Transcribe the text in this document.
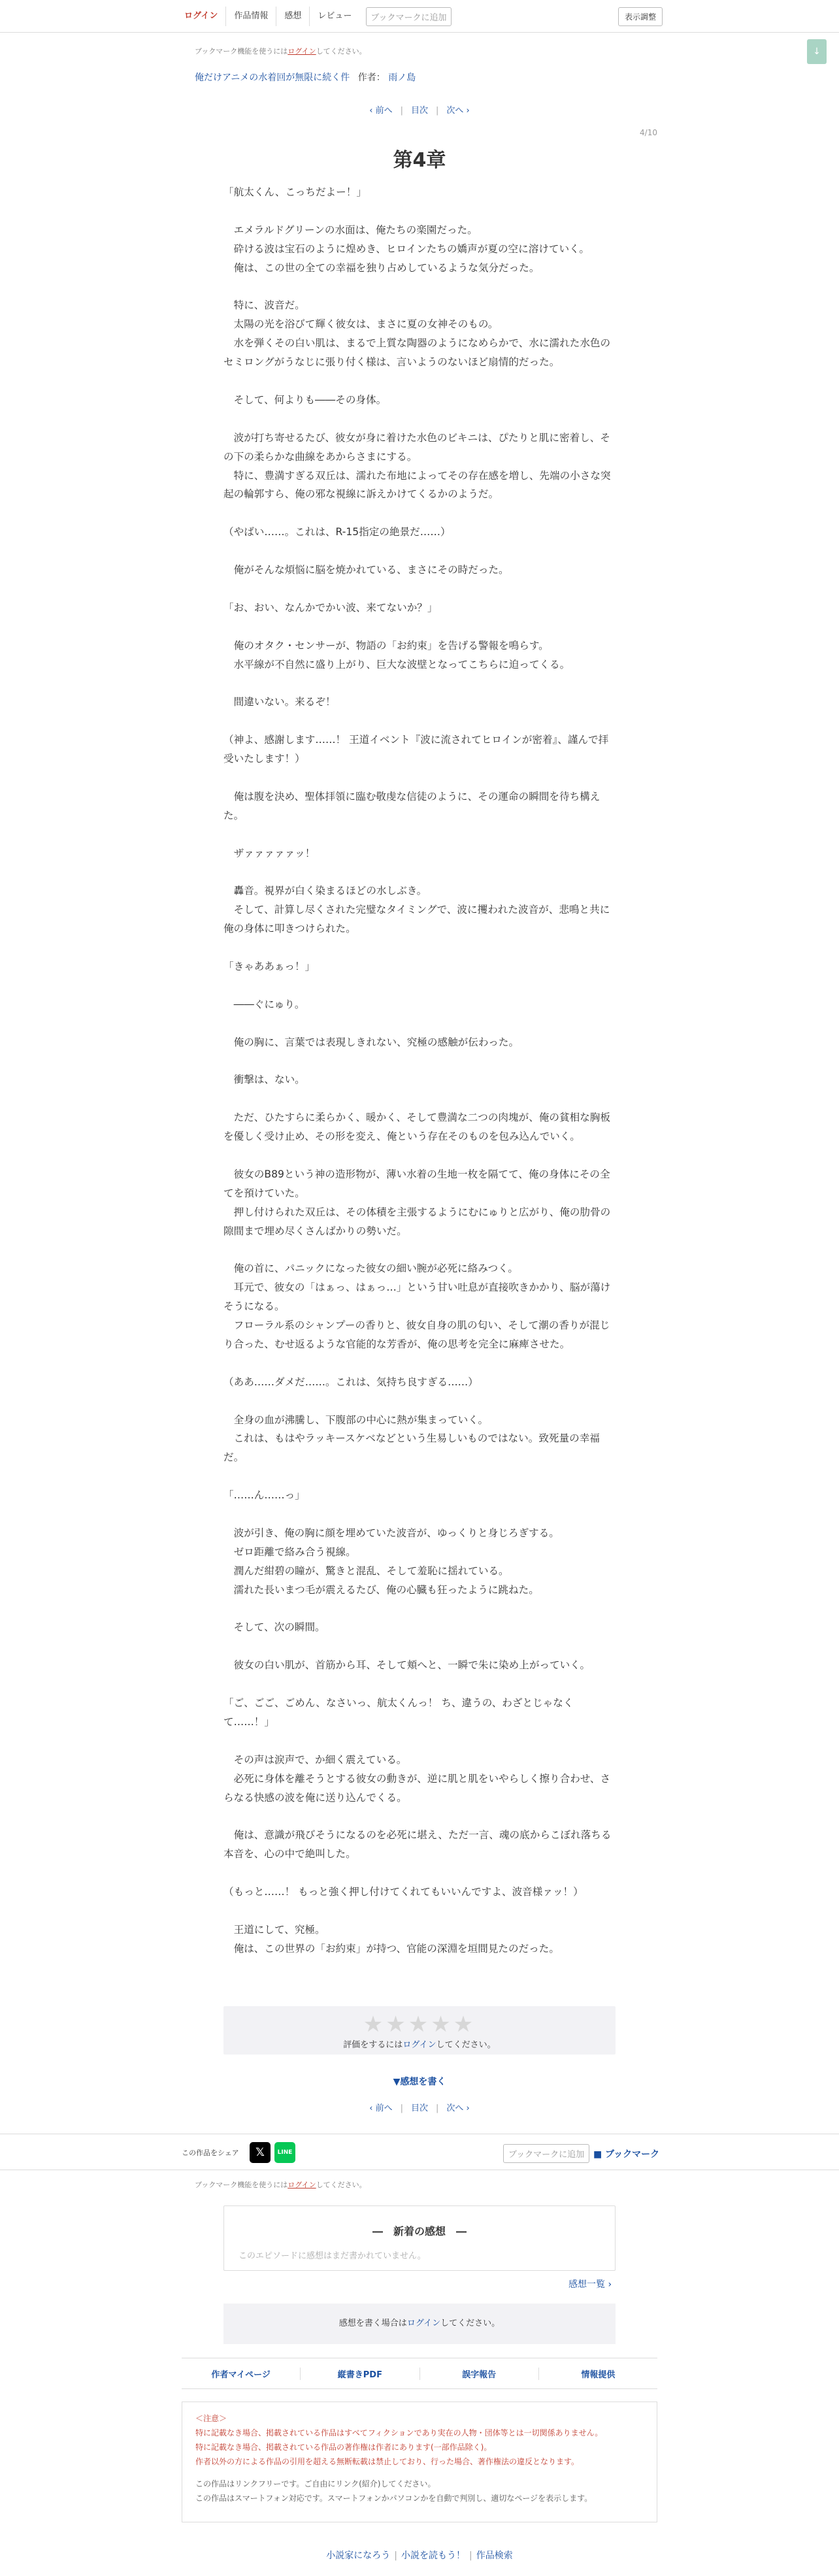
ログイン	作品情報	感想	レビュー	ブックマークに追加	表示調整
ブックマーク機能を使うにはログインしてください。	↓
俺だけアニメの水着回が無限に続く件 作者： 雨ノ島
‹ 前へ | 目次 | 次へ ›
4/10
第4章

「航太くん、こっちだよー！」

　エメラルドグリーンの水面は、俺たちの楽園だった。

　砕ける波は宝石のように煌めき、ヒロインたちの嬌声が夏の空に溶けていく。

　俺は、この世の全ての幸福を独り占めしているような気分だった。

　特に、波音だ。

　太陽の光を浴びて輝く彼女は、まさに夏の女神そのもの。

　水を弾くその白い肌は、まるで上質な陶器のようになめらかで、水に濡れた水色のセミロングがうなじに張り付く様は、言いようのないほど扇情的だった。

　そして、何よりも――その身体。

　波が打ち寄せるたび、彼女が身に着けた水色のビキニは、ぴたりと肌に密着し、その下の柔らかな曲線をあからさまにする。

　特に、豊満すぎる双丘は、濡れた布地によってその存在感を増し、先端の小さな突起の輪郭すら、俺の邪な視線に訴えかけてくるかのようだ。

（やばい……。これは、R-15指定の絶景だ……）

　俺がそんな煩悩に脳を焼かれている、まさにその時だった。

「お、おい、なんかでかい波、来てないか？」

　俺のオタク・センサーが、物語の「お約束」を告げる警報を鳴らす。

　水平線が不自然に盛り上がり、巨大な波壁となってこちらに迫ってくる。

　間違いない。来るぞ！

（神よ、感謝します……！ 王道イベント『波に流されてヒロインが密着』、謹んで拝受いたします！）

　俺は腹を決め、聖体拝領に臨む敬虔な信徒のように、その運命の瞬間を待ち構えた。

　ザァァァァァッ！

　轟音。視界が白く染まるほどの水しぶき。

　そして、計算し尽くされた完璧なタイミングで、波に攫われた波音が、悲鳴と共に俺の身体に叩きつけられた。

「きゃああぁっ！」

　――ぐにゅり。

　俺の胸に、言葉では表現しきれない、究極の感触が伝わった。

　衝撃は、ない。

　ただ、ひたすらに柔らかく、暖かく、そして豊満な二つの肉塊が、俺の貧相な胸板を優しく受け止め、その形を変え、俺という存在そのものを包み込んでいく。

　彼女のB89という神の造形物が、薄い水着の生地一枚を隔てて、俺の身体にその全てを預けていた。

　押し付けられた双丘は、その体積を主張するようにむにゅりと広がり、俺の肋骨の隙間まで埋め尽くさんばかりの勢いだ。

　俺の首に、パニックになった彼女の細い腕が必死に絡みつく。

　耳元で、彼女の「はぁっ、はぁっ…」という甘い吐息が直接吹きかかり、脳が蕩けそうになる。

　フローラル系のシャンプーの香りと、彼女自身の肌の匂い、そして潮の香りが混じり合った、むせ返るような官能的な芳香が、俺の思考を完全に麻痺させた。

（ああ……ダメだ……。これは、気持ち良すぎる……）

　全身の血が沸騰し、下腹部の中心に熱が集まっていく。

　これは、もはやラッキースケベなどという生易しいものではない。致死量の幸福だ。

「……ん……っ」

　波が引き、俺の胸に顔を埋めていた波音が、ゆっくりと身じろぎする。

　ゼロ距離で絡み合う視線。

　潤んだ紺碧の瞳が、驚きと混乱、そして羞恥に揺れている。

　濡れた長いまつ毛が震えるたび、俺の心臓も狂ったように跳ねた。

　そして、次の瞬間。

　彼女の白い肌が、首筋から耳、そして頬へと、一瞬で朱に染め上がっていく。

「ご、ごご、ごめん、なさいっ、航太くんっ！ ち、違うの、わざとじゃなくて……！」

　その声は涙声で、か細く震えている。

　必死に身体を離そうとする彼女の動きが、逆に肌と肌をいやらしく擦り合わせ、さらなる快感の波を俺に送り込んでくる。

　俺は、意識が飛びそうになるのを必死に堪え、ただ一言、魂の底からこぼれ落ちる本音を、心の中で絶叫した。

（もっと……！ もっと強く押し付けてくれてもいいんですよ、波音様ァッ！）

　王道にして、究極。

　俺は、この世界の「お約束」が持つ、官能の深淵を垣間見たのだった。

★★★★★
評価をするにはログインしてください。
▼感想を書く
‹ 前へ | 目次 | 次へ ›
この作品をシェア	𝕏	LINE	ブックマークに追加 ■ ブックマーク
ブックマーク機能を使うにはログインしてください。
―　新着の感想　―
このエピソードに感想はまだ書かれていません。
感想一覧 ›
感想を書く場合はログインしてください。
作者マイページ	縦書きPDF	誤字報告	情報提供
＜注意＞
特に記載なき場合、掲載されている作品はすべてフィクションであり実在の人物・団体等とは一切関係ありません。
特に記載なき場合、掲載されている作品の著作権は作者にあります(一部作品除く)。
作者以外の方による作品の引用を超える無断転載は禁止しており、行った場合、著作権法の違反となります。
この作品はリンクフリーです。ご自由にリンク(紹介)してください。
この作品はスマートフォン対応です。スマートフォンかパソコンかを自動で判別し、適切なページを表示します。
小説家になろう | 小説を読もう！ | 作品検索
